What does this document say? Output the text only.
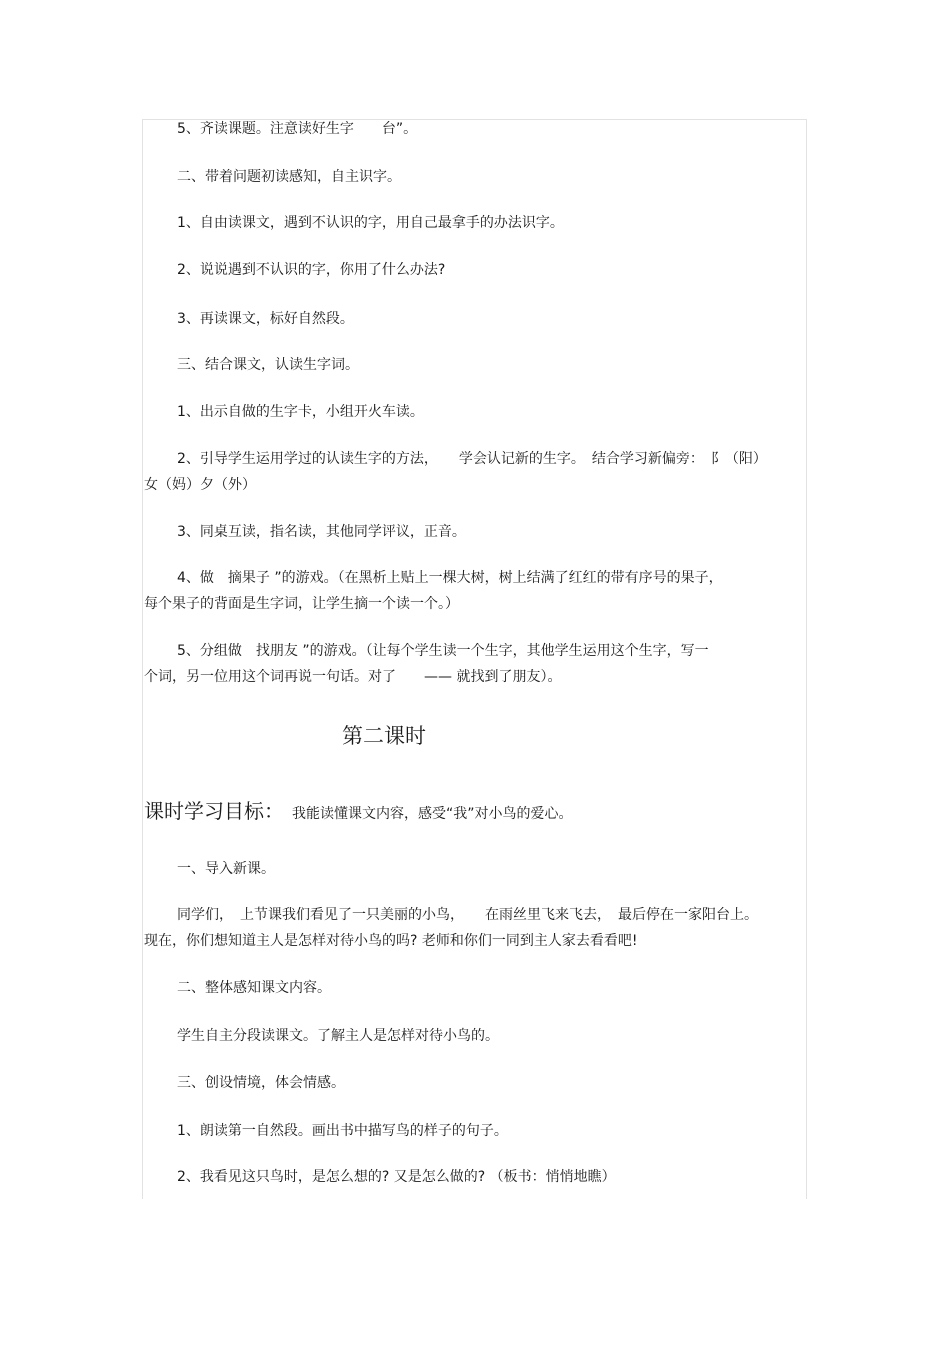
5、齐读课题。注意读好生字　　台”。
二、带着问题初读感知，自主识字。
1、自由读课文，遇到不认识的字，用自己最拿手的办法识字。
2、说说遇到不认识的字，你用了什么办法?
3、再读课文，标好自然段。
三、结合课文，认读生字词。
1、出示自做的生字卡，小组开火车读。
2、引导学生运用学过的认读生字的方法，　　学会认记新的生字。　结合学习新偏旁：　阝（阳）
女（妈）夕（外）
3、同桌互读，指名读，其他同学评议，正音。
4、做　摘果子 ”的游戏。（在黑析上贴上一棵大树，树上结满了红红的带有序号的果子，
每个果子的背面是生字词，让学生摘一个读一个。）
5、分组做　找朋友 ”的游戏。（让每个学生读一个生字，其他学生运用这个生字，写一
个词，另一位用这个词再说一句话。对了　　—— 就找到了朋友）。
第二课时
课时学习目标： 我能读懂课文内容，感受“我”对小鸟的爱心。
一、导入新课。
同学们，　上节课我们看见了一只美丽的小鸟，　　在雨丝里飞来飞去，　最后停在一家阳台上。
现在，你们想知道主人是怎样对待小鸟的吗? 老师和你们一同到主人家去看看吧!
二、整体感知课文内容。
学生自主分段读课文。了解主人是怎样对待小鸟的。
三、创设情境，体会情感。
1、朗读第一自然段。画出书中描写鸟的样子的句子。
2、我看见这只鸟时，是怎么想的? 又是怎么做的? （板书：悄悄地瞧）
